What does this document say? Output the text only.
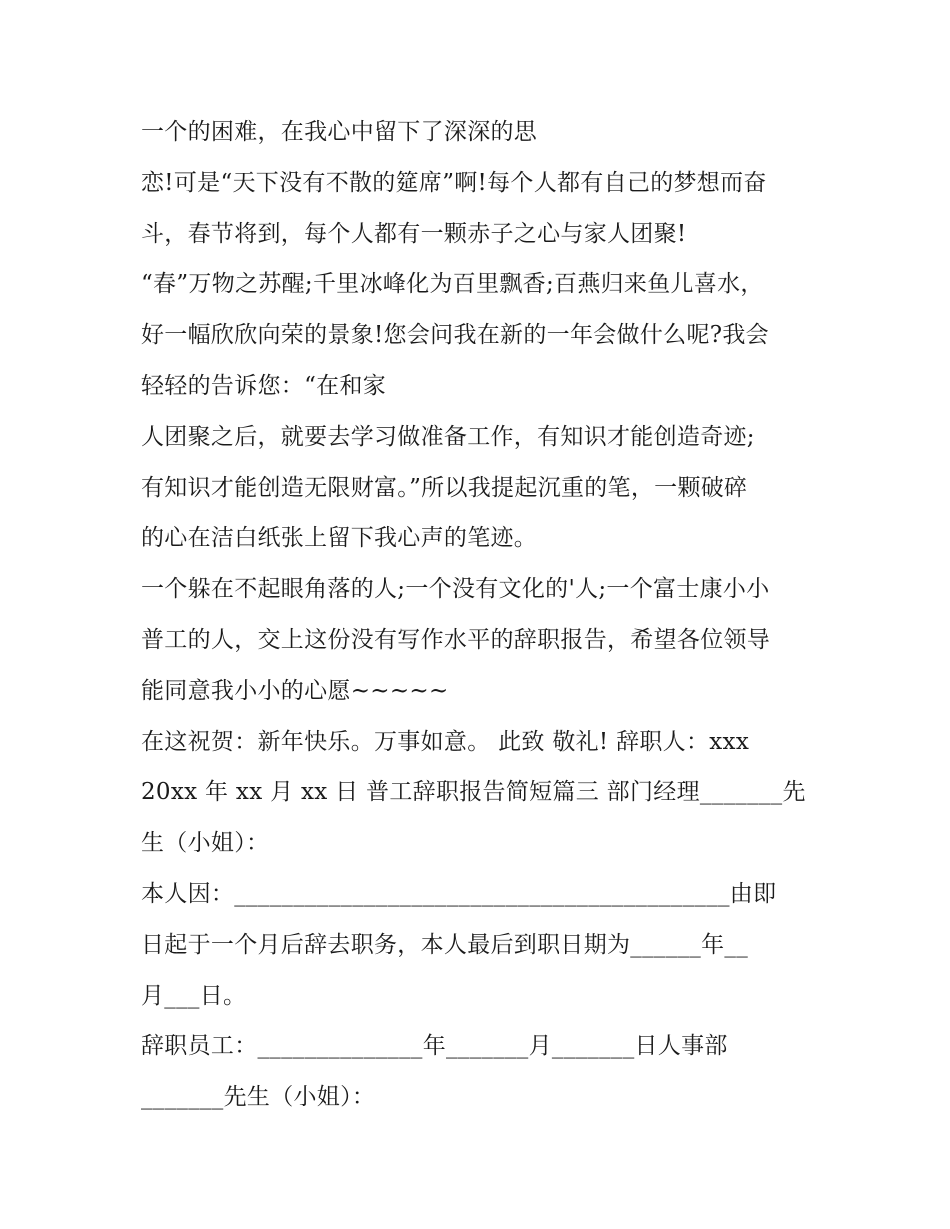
一个的困难，在我心中留下了深深的思
恋!可是“天下没有不散的筵席”啊!每个人都有自己的梦想而奋
斗，春节将到，每个人都有一颗赤子之心与家人团聚!
“春”万物之苏醒;千里冰峰化为百里飘香;百燕归来鱼儿喜水，
好一幅欣欣向荣的景象!您会问我在新的一年会做什么呢?我会
轻轻的告诉您：“在和家
人团聚之后，就要去学习做准备工作，有知识才能创造奇迹;
有知识才能创造无限财富。”所以我提起沉重的笔，一颗破碎
的心在洁白纸张上留下我心声的笔迹。
一个躲在不起眼角落的人;一个没有文化的'人;一个富士康小小
普工的人，交上这份没有写作水平的辞职报告，希望各位领导
能同意我小小的心愿~~~~~
在这祝贺：新年快乐。万事如意。 此致 敬礼! 辞职人：xxx
20xx 年 xx 月 xx 日 普工辞职报告简短篇三 部门经理_______先
生（小姐）：
本人因：__________________________________________由即
日起于一个月后辞去职务，本人最后到职日期为______年__
月___日。
辞职员工：______________年_______月_______日人事部
_______先生（小姐）：
